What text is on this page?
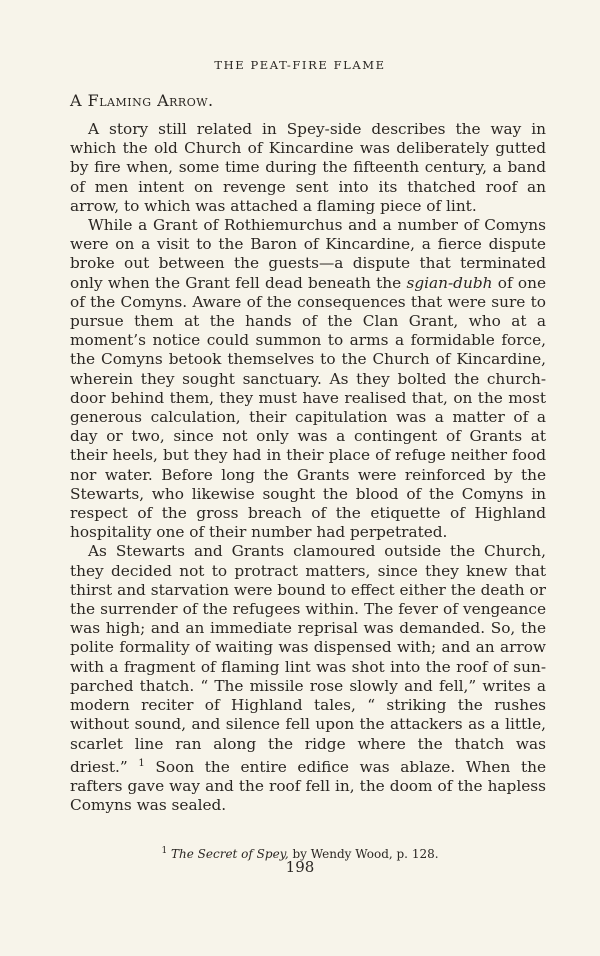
THE PEAT-FIRE FLAME
A Flaming Arrow.

A story still related in Spey-side describes the way in which the old Church of Kincardine was deliberately gutted by fire when, some time during the fifteenth century, a band of men intent on revenge sent into its thatched roof an arrow, to which was attached a flaming piece of lint.

While a Grant of Rothiemurchus and a number of Comyns were on a visit to the Baron of Kincardine, a fierce dispute broke out between the guests—a dispute that terminated only when the Grant fell dead beneath the sgian-dubh of one of the Comyns. Aware of the consequences that were sure to pursue them at the hands of the Clan Grant, who at a moment’s notice could summon to arms a formidable force, the Comyns betook themselves to the Church of Kincardine, wherein they sought sanctuary. As they bolted the church-door behind them, they must have realised that, on the most generous calculation, their capitulation was a matter of a day or two, since not only was a contingent of Grants at their heels, but they had in their place of refuge neither food nor water. Before long the Grants were reinforced by the Stewarts, who likewise sought the blood of the Comyns in respect of the gross breach of the etiquette of Highland hospitality one of their number had perpetrated.

As Stewarts and Grants clamoured outside the Church, they decided not to protract matters, since they knew that thirst and starvation were bound to effect either the death or the surrender of the refugees within. The fever of vengeance was high; and an immediate reprisal was demanded. So, the polite formality of waiting was dispensed with; and an arrow with a fragment of flaming lint was shot into the roof of sun-parched thatch. “ The missile rose slowly and fell,” writes a modern reciter of Highland tales, “ striking the rushes without sound, and silence fell upon the attackers as a little, scarlet line ran along the ridge where the thatch was driest.” $^1$ Soon the entire edifice was ablaze. When the rafters gave way and the roof fell in, the doom of the hapless Comyns was sealed.

$^1$ The Secret of Spey, by Wendy Wood, p. 128.
198
